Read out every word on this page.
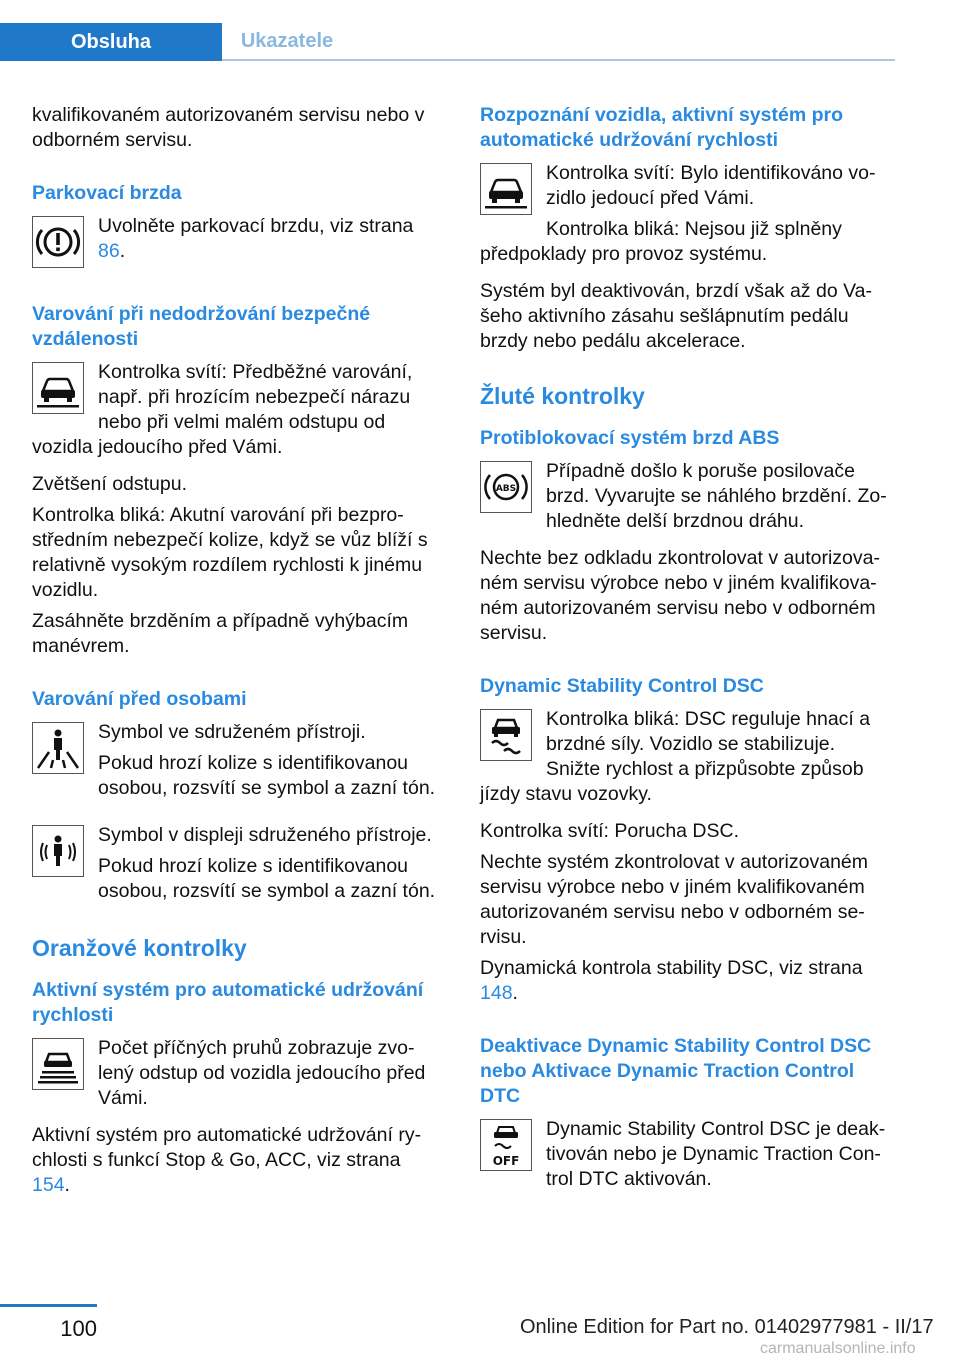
Obsluha	Ukazatele

kvalifikovaném autorizovaném servisu nebo v odborném servisu.

Parkovací brzda

Uvolněte parkovací brzdu, viz strana 86.

Varování při nedodržování bezpečné vzdálenosti

Kontrolka svítí: Předběžné varování, např. při hrozícím nebezpečí nárazu nebo při velmi malém odstupu od vozidla jedoucího před Vámi.

Zvětšení odstupu.

Kontrolka bliká: Akutní varování při bezprostředním nebezpečí kolize, když se vůz blíží s relativně vysokým rozdílem rychlosti k jinému vozidlu.

Zasáhněte brzděním a případně vyhýbacím manévrem.

Varování před osobami

Symbol ve sdruženém přístroji.

Pokud hrozí kolize s identifikovanou osobou, rozsvítí se symbol a zazní tón.

Symbol v displeji sdruženého přístroje.

Pokud hrozí kolize s identifikovanou osobou, rozsvítí se symbol a zazní tón.

Oranžové kontrolky
Aktivní systém pro automatické udržování rychlosti

Počet příčných pruhů zobrazuje zvolený odstup od vozidla jedoucího před Vámi.

Aktivní systém pro automatické udržování rychlosti s funkcí Stop & Go, ACC, viz strana 154.

Rozpoznání vozidla, aktivní systém pro automatické udržování rychlosti

Kontrolka svítí: Bylo identifikováno vozidlo jedoucí před Vámi.

Kontrolka bliká: Nejsou již splněny předpoklady pro provoz systému.

Systém byl deaktivován, brzdí však až do Vašeho aktivního zásahu sešlápnutím pedálu brzdy nebo pedálu akcelerace.

Žluté kontrolky
Protiblokovací systém brzd ABS
ABS

Případně došlo k poruše posilovače brzd. Vyvarujte se náhlého brzdění. Zohledněte delší brzdnou dráhu.

Nechte bez odkladu zkontrolovat v autorizovaném servisu výrobce nebo v jiném kvalifikovaném autorizovaném servisu nebo v odborném servisu.

Dynamic Stability Control DSC

Kontrolka bliká: DSC reguluje hnací a brzdné síly. Vozidlo se stabilizuje. Snižte rychlost a přizpůsobte způsob jízdy stavu vozovky.

Kontrolka svítí: Porucha DSC.

Nechte systém zkontrolovat v autorizovaném servisu výrobce nebo v jiném kvalifikovaném autorizovaném servisu nebo v odborném servisu.

Dynamická kontrola stability DSC, viz strana 148.

Deaktivace Dynamic Stability Control DSC nebo Aktivace Dynamic Traction Control DTC
OFF

Dynamic Stability Control DSC je deaktivován nebo je Dynamic Traction Control DTC aktivován.

100	Online Edition for Part no. 01402977981 - II/17
carmanualsonline.info
